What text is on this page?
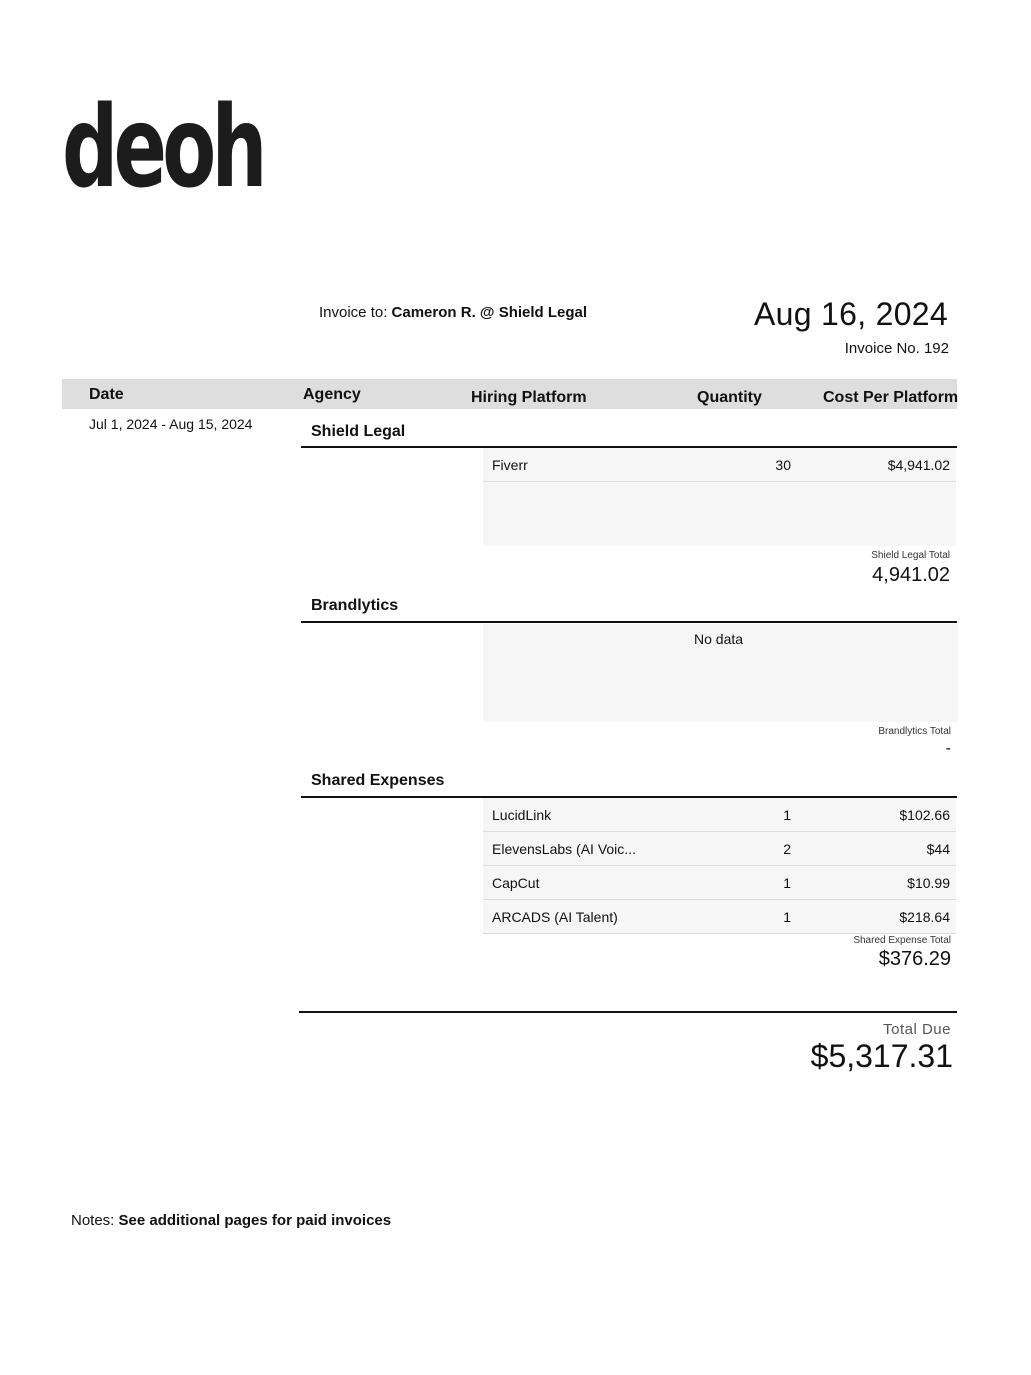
deoh
Invoice to: Cameron R. @ Shield Legal	Aug 16, 2024
Invoice No. 192
Date	Agency	Hiring Platform	Quantity	Cost Per Platform
Jul 1, 2024 - Aug 15, 2024	Shield Legal
Fiverr	30	$4,941.02
Shield Legal Total
4,941.02
Brandlytics
No data
Brandlytics Total
-
Shared Expenses
LucidLink	1	$102.66
ElevensLabs (AI Voic...	2	$44
CapCut	1	$10.99
ARCADS (AI Talent)	1	$218.64
Shared Expense Total
$376.29
Total Due
$5,317.31
Notes: See additional pages for paid invoices
